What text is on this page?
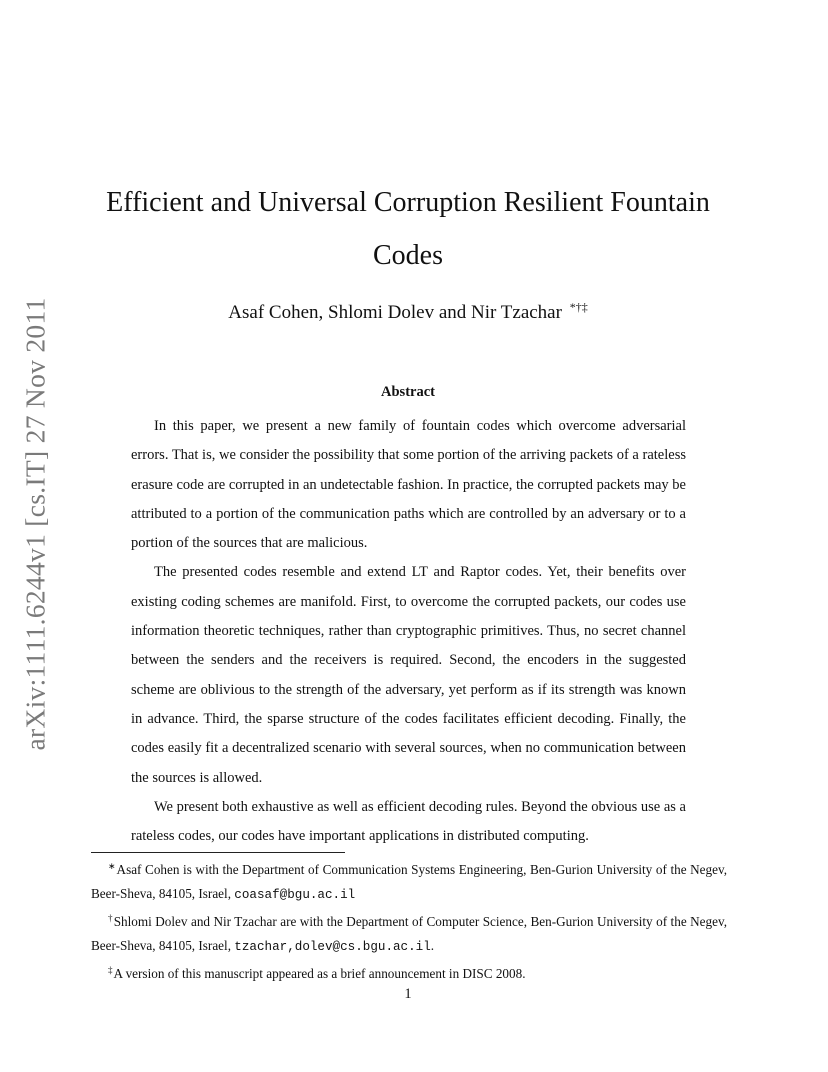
arXiv:1111.6244v1 [cs.IT] 27 Nov 2011
Efficient and Universal Corruption Resilient Fountain Codes
Asaf Cohen, Shlomi Dolev and Nir Tzachar *†‡
Abstract

In this paper, we present a new family of fountain codes which overcome adversarial errors. That is, we consider the possibility that some portion of the arriving packets of a rateless erasure code are corrupted in an undetectable fashion. In practice, the corrupted packets may be attributed to a portion of the communication paths which are controlled by an adversary or to a portion of the sources that are malicious.

The presented codes resemble and extend LT and Raptor codes. Yet, their benefits over existing coding schemes are manifold. First, to overcome the corrupted packets, our codes use information theoretic techniques, rather than cryptographic primitives. Thus, no secret channel between the senders and the receivers is required. Second, the encoders in the suggested scheme are oblivious to the strength of the adversary, yet perform as if its strength was known in advance. Third, the sparse structure of the codes facilitates efficient decoding. Finally, the codes easily fit a decentralized scenario with several sources, when no communication between the sources is allowed.

We present both exhaustive as well as efficient decoding rules. Beyond the obvious use as a rateless codes, our codes have important applications in distributed computing.

∗Asaf Cohen is with the Department of Communication Systems Engineering, Ben-Gurion University of the Negev, Beer-Sheva, 84105, Israel, coasaf@bgu.ac.il

†Shlomi Dolev and Nir Tzachar are with the Department of Computer Science, Ben-Gurion University of the Negev, Beer-Sheva, 84105, Israel, tzachar,dolev@cs.bgu.ac.il.

‡A version of this manuscript appeared as a brief announcement in DISC 2008.

1
